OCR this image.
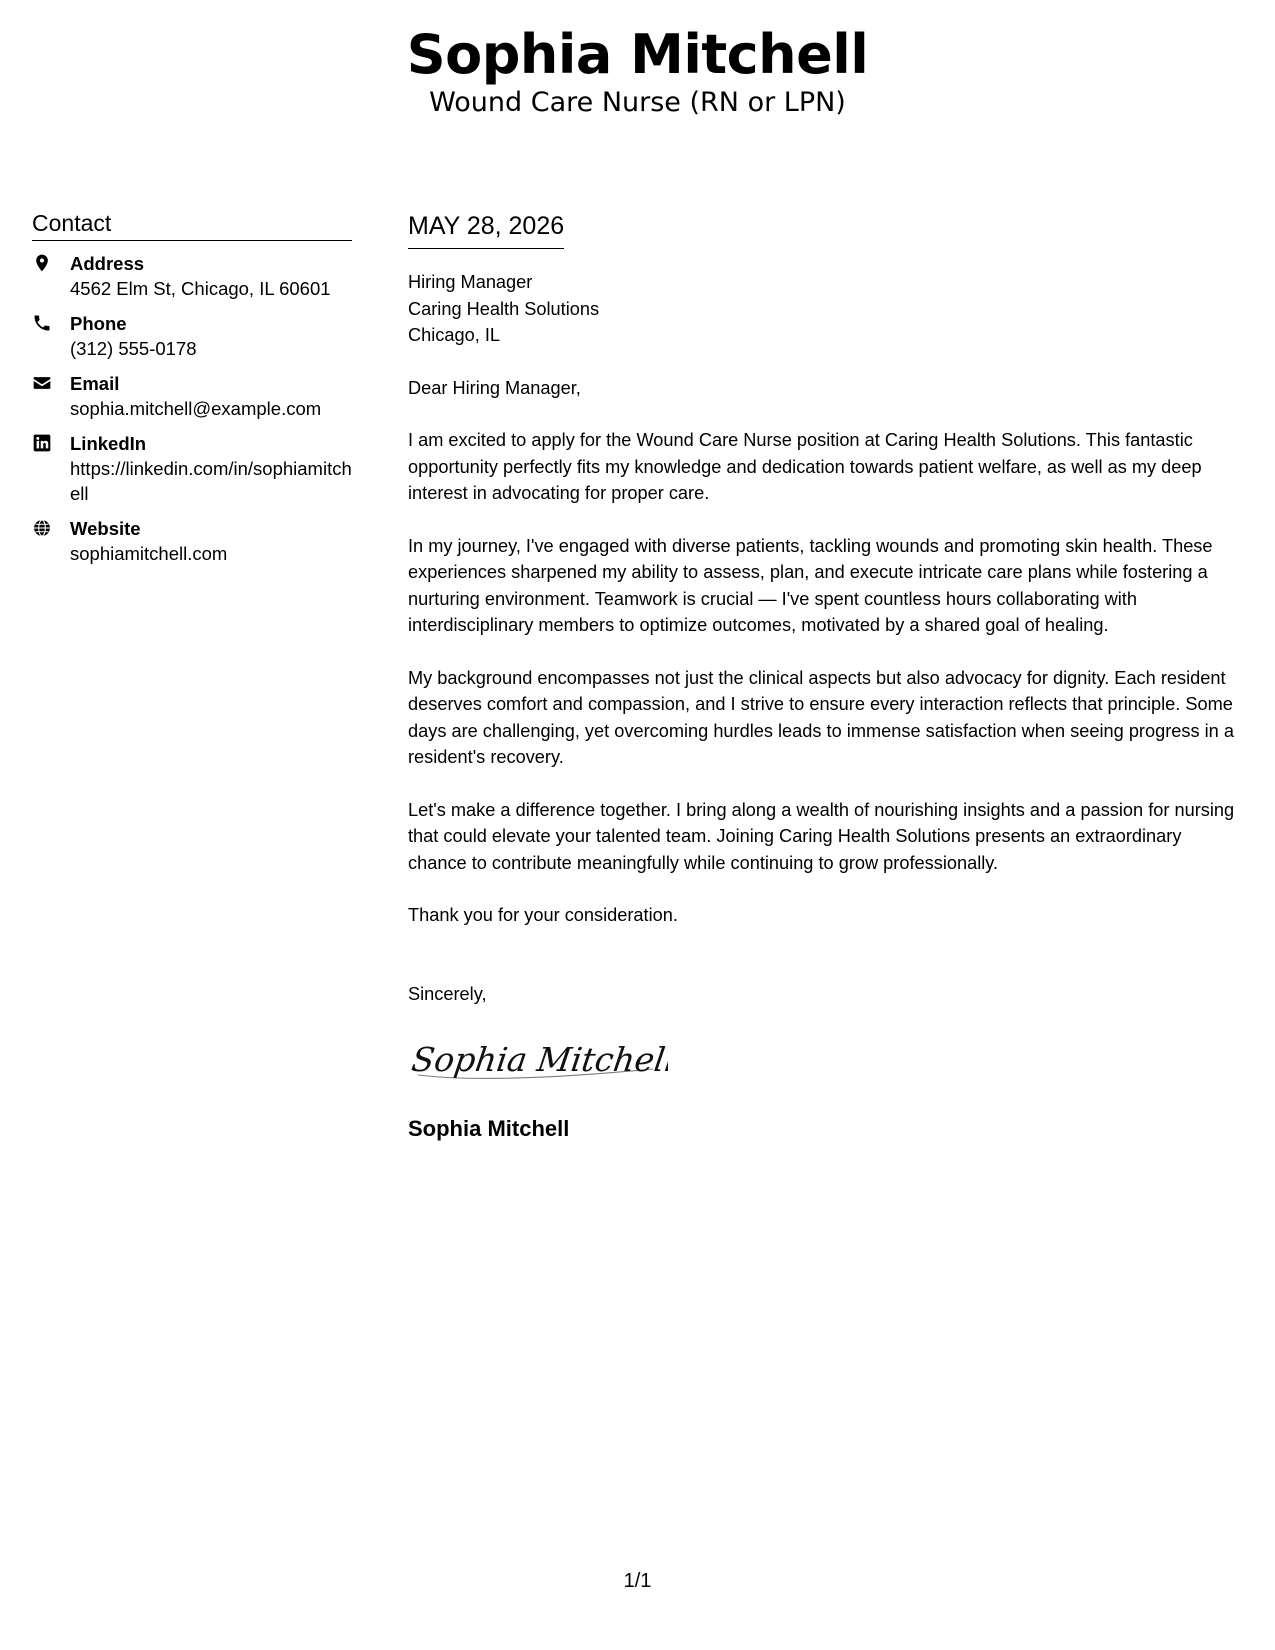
Sophia Mitchell
Wound Care Nurse (RN or LPN)
Contact
Address
4562 Elm St, Chicago, IL 60601
Phone
(312) 555-0178
Email
sophia.mitchell@example.com
LinkedIn
https://linkedin.com/in/sophiamitchell
Website
sophiamitchell.com
MAY 28, 2026
Hiring Manager
Caring Health Solutions
Chicago, IL
Dear Hiring Manager,
I am excited to apply for the Wound Care Nurse position at Caring Health Solutions. This fantastic opportunity perfectly fits my knowledge and dedication towards patient welfare, as well as my deep interest in advocating for proper care.
In my journey, I've engaged with diverse patients, tackling wounds and promoting skin health. These experiences sharpened my ability to assess, plan, and execute intricate care plans while fostering a nurturing environment. Teamwork is crucial — I've spent countless hours collaborating with interdisciplinary members to optimize outcomes, motivated by a shared goal of healing.
My background encompasses not just the clinical aspects but also advocacy for dignity. Each resident deserves comfort and compassion, and I strive to ensure every interaction reflects that principle. Some days are challenging, yet overcoming hurdles leads to immense satisfaction when seeing progress in a resident's recovery.
Let's make a difference together. I bring along a wealth of nourishing insights and a passion for nursing that could elevate your talented team. Joining Caring Health Solutions presents an extraordinary chance to contribute meaningfully while continuing to grow professionally.
Thank you for your consideration.
Sincerely,
Sophia Mitchell
Sophia Mitchell
1/1
